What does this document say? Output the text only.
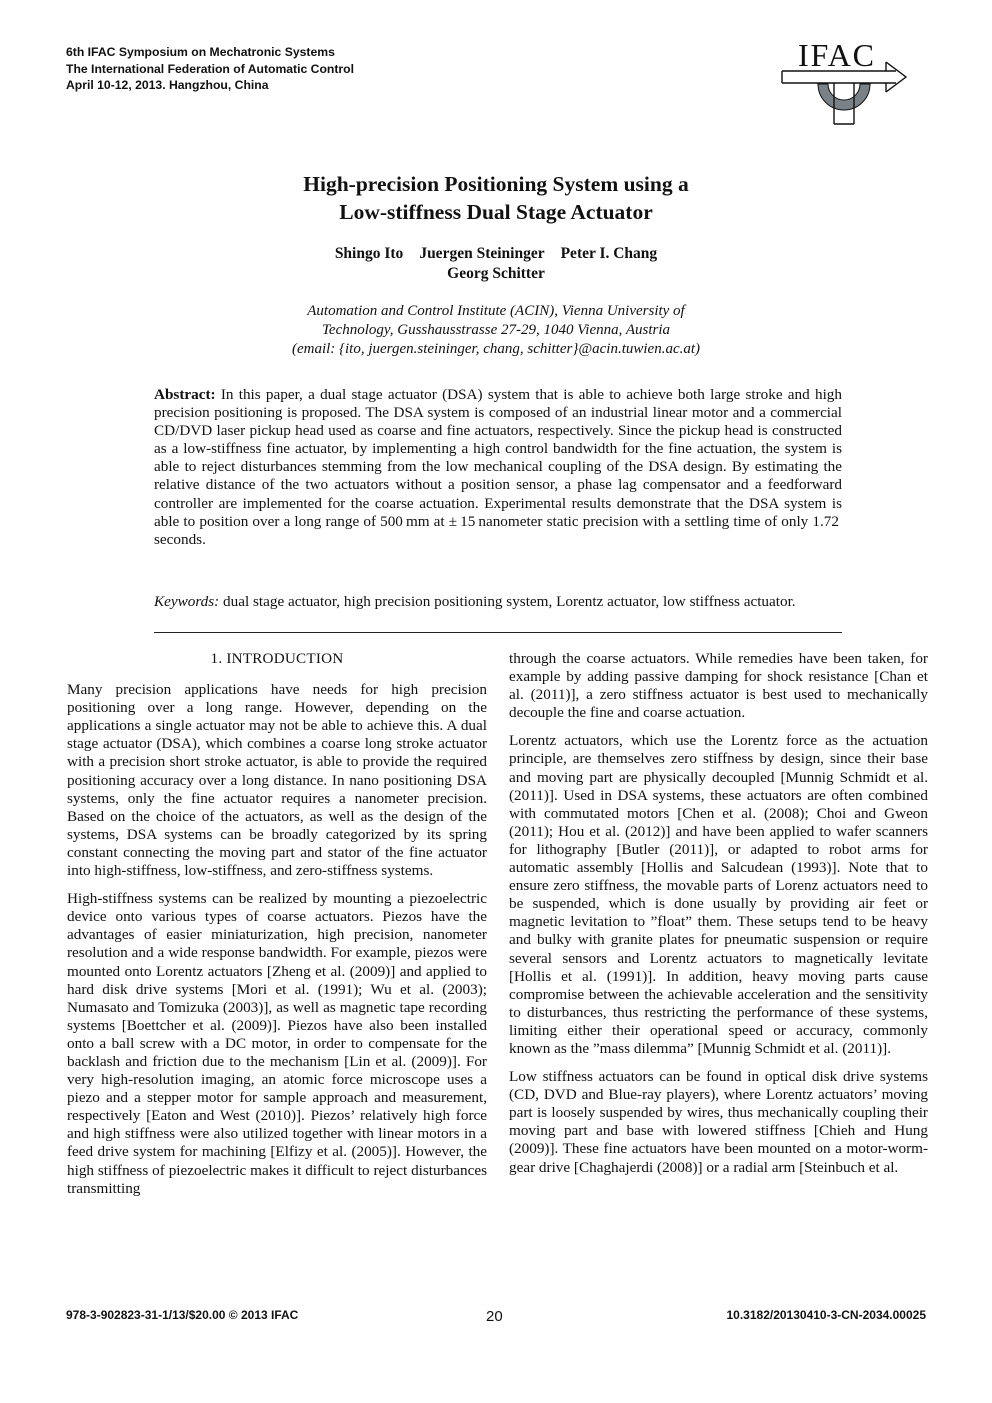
6th IFAC Symposium on Mechatronic Systems
The International Federation of Automatic Control
April 10-12, 2013. Hangzhou, China
IFAC
High-precision Positioning System using a
Low-stiffness Dual Stage Actuator
Shingo Ito Juergen Steininger Peter I. Chang
Georg Schitter
Automation and Control Institute (ACIN), Vienna University of
Technology, Gusshausstrasse 27-29, 1040 Vienna, Austria
(email: {ito, juergen.steininger, chang, schitter}@acin.tuwien.ac.at)
Abstract: In this paper, a dual stage actuator (DSA) system that is able to achieve both large stroke and high precision positioning is proposed. The DSA system is composed of an industrial linear motor and a commercial CD/DVD laser pickup head used as coarse and fine actuators, respectively. Since the pickup head is constructed as a low-stiffness fine actuator, by implementing a high control bandwidth for the fine actuation, the system is able to reject disturbances stemming from the low mechanical coupling of the DSA design. By estimating the relative distance of the two actuators without a position sensor, a phase lag compensator and a feedforward controller are implemented for the coarse actuation. Experimental results demonstrate that the DSA system is able to position over a long range of 500 mm at ± 15 nanometer static precision with a settling time of only 1.72 seconds.
Keywords: dual stage actuator, high precision positioning system, Lorentz actuator, low stiffness actuator.
1. INTRODUCTION

Many precision applications have needs for high precision positioning over a long range. However, depending on the applications a single actuator may not be able to achieve this. A dual stage actuator (DSA), which combines a coarse long stroke actuator with a precision short stroke actuator, is able to provide the required positioning accuracy over a long distance. In nano positioning DSA systems, only the fine actuator requires a nanometer precision. Based on the choice of the actuators, as well as the design of the systems, DSA systems can be broadly categorized by its spring constant connecting the moving part and stator of the fine actuator into high-stiffness, low-stiffness, and zero-stiffness systems.

High-stiffness systems can be realized by mounting a piezoelectric device onto various types of coarse actuators. Piezos have the advantages of easier miniaturization, high precision, nanometer resolution and a wide response bandwidth. For example, piezos were mounted onto Lorentz actuators [Zheng et al. (2009)] and applied to hard disk drive systems [Mori et al. (1991); Wu et al. (2003); Numasato and Tomizuka (2003)], as well as magnetic tape recording systems [Boettcher et al. (2009)]. Piezos have also been installed onto a ball screw with a DC motor, in order to compensate for the backlash and friction due to the mechanism [Lin et al. (2009)]. For very high-resolution imaging, an atomic force microscope uses a piezo and a stepper motor for sample approach and measurement, respectively [Eaton and West (2010)]. Piezos’ relatively high force and high stiffness were also utilized together with linear motors in a feed drive system for machining [Elfizy et al. (2005)]. However, the high stiffness of piezoelectric makes it difficult to reject disturbances transmitting

through the coarse actuators. While remedies have been taken, for example by adding passive damping for shock resistance [Chan et al. (2011)], a zero stiffness actuator is best used to mechanically decouple the fine and coarse actuation.

Lorentz actuators, which use the Lorentz force as the actuation principle, are themselves zero stiffness by design, since their base and moving part are physically decoupled [Munnig Schmidt et al. (2011)]. Used in DSA systems, these actuators are often combined with commutated motors [Chen et al. (2008); Choi and Gweon (2011); Hou et al. (2012)] and have been applied to wafer scanners for lithography [Butler (2011)], or adapted to robot arms for automatic assembly [Hollis and Salcudean (1993)]. Note that to ensure zero stiffness, the movable parts of Lorenz actuators need to be suspended, which is done usually by providing air feet or magnetic levitation to ”float” them. These setups tend to be heavy and bulky with granite plates for pneumatic suspension or require several sensors and Lorentz actuators to magnetically levitate [Hollis et al. (1991)]. In addition, heavy moving parts cause compromise between the achievable acceleration and the sensitivity to disturbances, thus restricting the performance of these systems, limiting either their operational speed or accuracy, commonly known as the ”mass dilemma” [Munnig Schmidt et al. (2011)].

Low stiffness actuators can be found in optical disk drive systems (CD, DVD and Blue-ray players), where Lorentz actuators’ moving part is loosely suspended by wires, thus mechanically coupling their moving part and base with lowered stiffness [Chieh and Hung (2009)]. These fine actuators have been mounted on a motor-worm-gear drive [Chaghajerdi (2008)] or a radial arm [Steinbuch et al.

978-3-902823-31-1/13/$20.00 © 2013 IFAC	20	10.3182/20130410-3-CN-2034.00025
